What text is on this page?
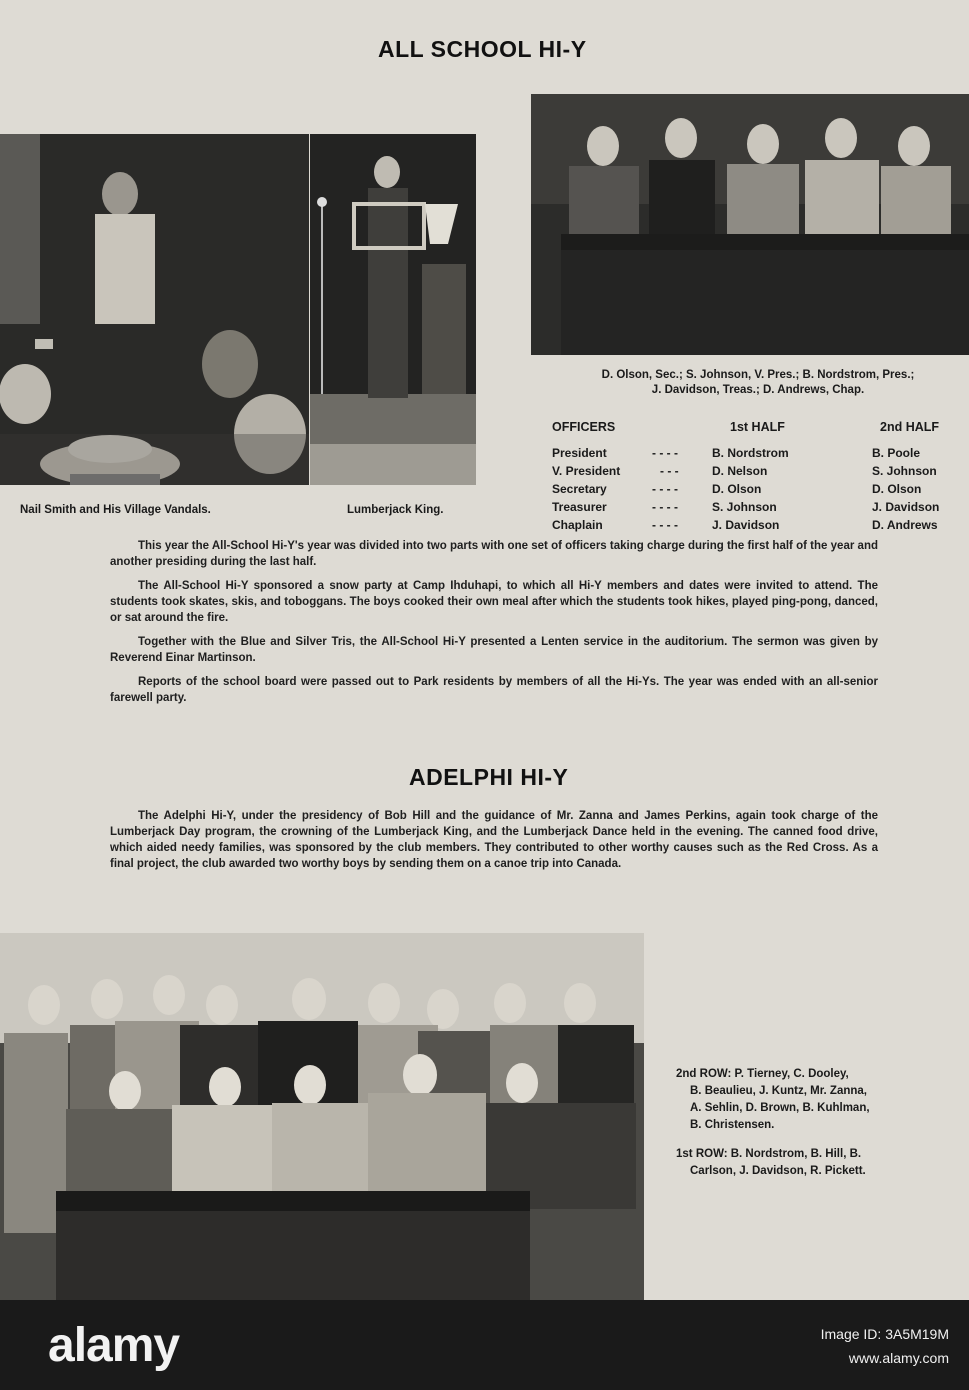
ALL SCHOOL HI-Y
Nail Smith and His Village Vandals.	Lumberjack King.
D. Olson, Sec.; S. Johnson, V. Pres.; B. Nordstrom, Pres.;
J. Davidson, Treas.; D. Andrews, Chap.
OFFICERS	1st HALF	2nd HALF
President	- - - -	B. Nordstrom	B. Poole
V. President	- - -	D. Nelson	S. Johnson
Secretary	- - - -	D. Olson	D. Olson
Treasurer	- - - -	S. Johnson	J. Davidson
Chaplain	- - - -	J. Davidson	D. Andrews

This year the All-School Hi-Y's year was divided into two parts with one set of officers taking charge during the first half of the year and another presiding during the last half.

The All-School Hi-Y sponsored a snow party at Camp Ihduhapi, to which all Hi-Y members and dates were invited to attend. The students took skates, skis, and toboggans. The boys cooked their own meal after which the students took hikes, played ping-pong, danced, or sat around the fire.

Together with the Blue and Silver Tris, the All-School Hi-Y presented a Lenten service in the auditorium. The sermon was given by Reverend Einar Martinson.

Reports of the school board were passed out to Park residents by members of all the Hi-Ys. The year was ended with an all-senior farewell party.

ADELPHI HI-Y

The Adelphi Hi-Y, under the presidency of Bob Hill and the guidance of Mr. Zanna and James Perkins, again took charge of the Lumberjack Day program, the crowning of the Lumberjack King, and the Lumberjack Dance held in the evening. The canned food drive, which aided needy families, was sponsored by the club members. They contributed to other worthy causes such as the Red Cross. As a final project, the club awarded two worthy boys by sending them on a canoe trip into Canada.

2nd ROW: P. Tierney, C. Dooley,
B. Beaulieu, J. Kuntz, Mr. Zanna,
A. Sehlin, D. Brown, B. Kuhlman,
B. Christensen.
1st ROW: B. Nordstrom, B. Hill, B.
Carlson, J. Davidson, R. Pickett.
alamy	Image ID: 3A5M19M
www.alamy.com
